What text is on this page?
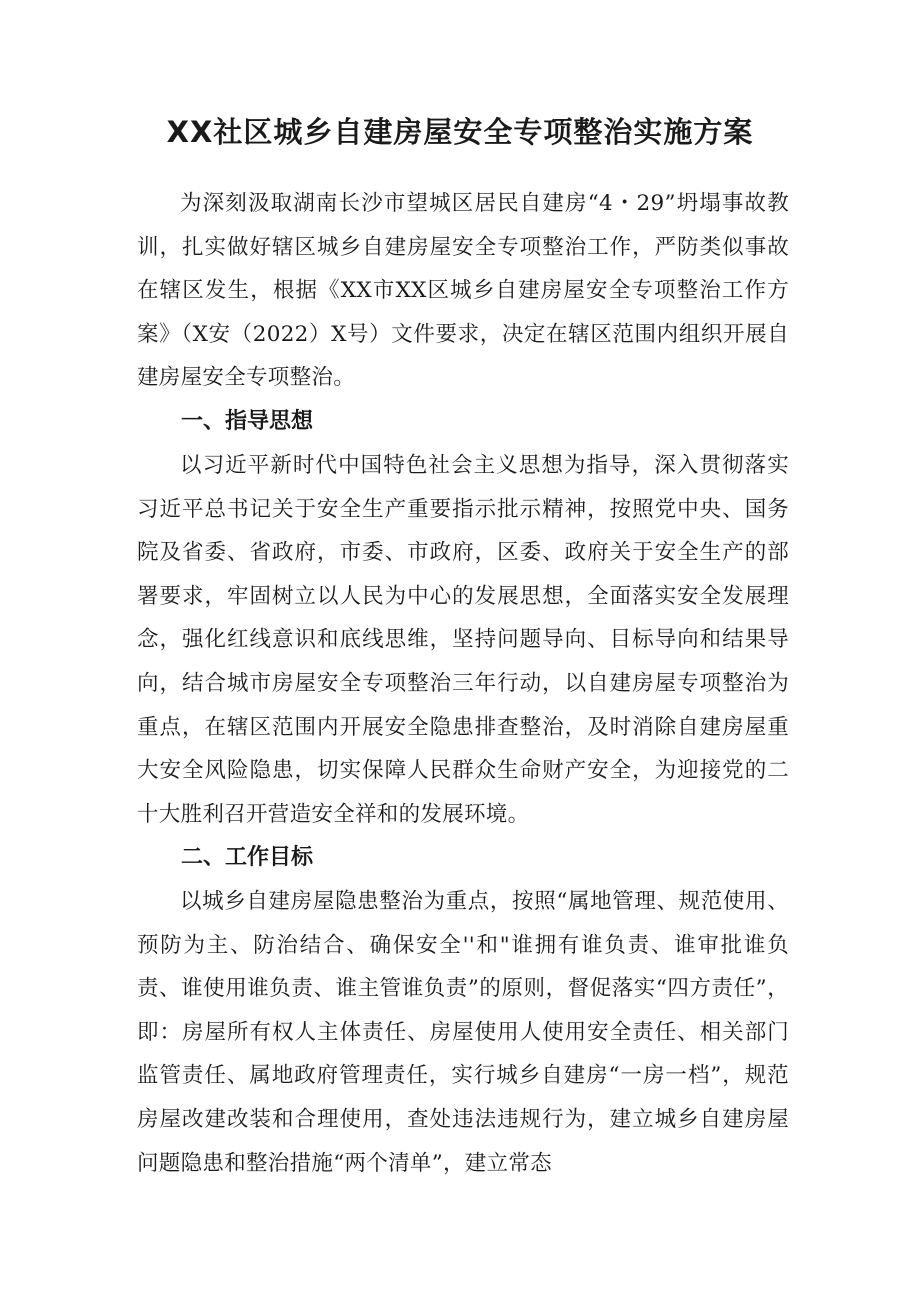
XX社区城乡自建房屋安全专项整治实施方案

为深刻汲取湖南长沙市望城区居民自建房“4・29”坍塌事故教训，扎实做好辖区城乡自建房屋安全专项整治工作，严防类似事故在辖区发生，根据《XX市XX区城乡自建房屋安全专项整治工作方案》（X安（2022）X号）文件要求，决定在辖区范围内组织开展自建房屋安全专项整治。

一、指导思想

以习近平新时代中国特色社会主义思想为指导，深入贯彻落实习近平总书记关于安全生产重要指示批示精神，按照党中央、国务院及省委、省政府，市委、市政府，区委、政府关于安全生产的部署要求，牢固树立以人民为中心的发展思想，全面落实安全发展理念，强化红线意识和底线思维，坚持问题导向、目标导向和结果导向，结合城市房屋安全专项整治三年行动，以自建房屋专项整治为重点，在辖区范围内开展安全隐患排查整治，及时消除自建房屋重大安全风险隐患，切实保障人民群众生命财产安全，为迎接党的二十大胜利召开营造安全祥和的发展环境。

二、工作目标

以城乡自建房屋隐患整治为重点，按照“属地管理、规范使用、预防为主、防治结合、确保安全''和"谁拥有谁负责、谁审批谁负责、谁使用谁负责、谁主管谁负责”的原则，督促落实“四方责任”，即：房屋所有权人主体责任、房屋使用人使用安全责任、相关部门监管责任、属地政府管理责任，实行城乡自建房“一房一档”，规范房屋改建改装和合理使用，查处违法违规行为，建立城乡自建房屋问题隐患和整治措施“两个清单”，建立常态
